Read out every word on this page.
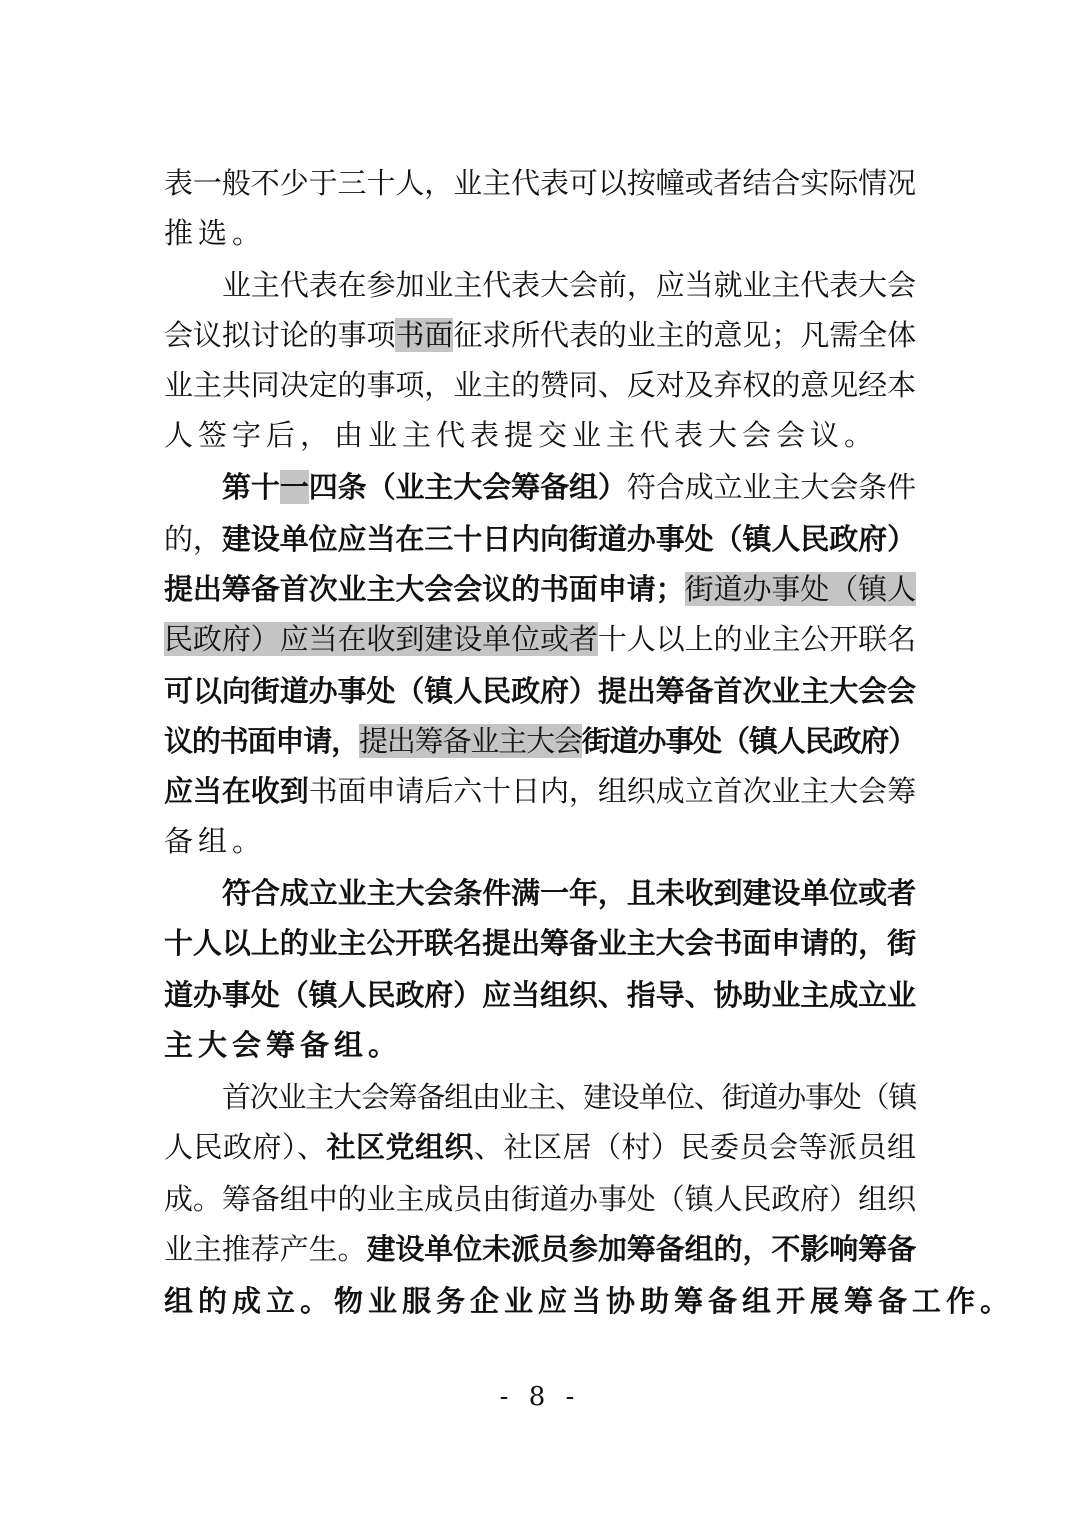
表一般不少于三十人，业主代表可以按幢或者结合实际情况
推选。
业主代表在参加业主代表大会前，应当就业主代表大会
会议拟讨论的事项书面征求所代表的业主的意见；凡需全体
业主共同决定的事项，业主的赞同、反对及弃权的意见经本
人签字后，由业主代表提交业主代表大会会议。
第十一四条（业主大会筹备组）符合成立业主大会条件
的，建设单位应当在三十日内向街道办事处（镇人民政府）
提出筹备首次业主大会会议的书面申请；街道办事处（镇人
民政府）应当在收到建设单位或者十人以上的业主公开联名
可以向街道办事处（镇人民政府）提出筹备首次业主大会会
议的书面申请，提出筹备业主大会街道办事处（镇人民政府）
应当在收到书面申请后六十日内，组织成立首次业主大会筹
备组。
符合成立业主大会条件满一年，且未收到建设单位或者
十人以上的业主公开联名提出筹备业主大会书面申请的，街
道办事处（镇人民政府）应当组织、指导、协助业主成立业
主大会筹备组。
首次业主大会筹备组由业主、建设单位、街道办事处（镇
人民政府）、社区党组织、社区居（村）民委员会等派员组
成。筹备组中的业主成员由街道办事处（镇人民政府）组织
业主推荐产生。建设单位未派员参加筹备组的，不影响筹备
组的成立。物业服务企业应当协助筹备组开展筹备工作。
- 8 -
